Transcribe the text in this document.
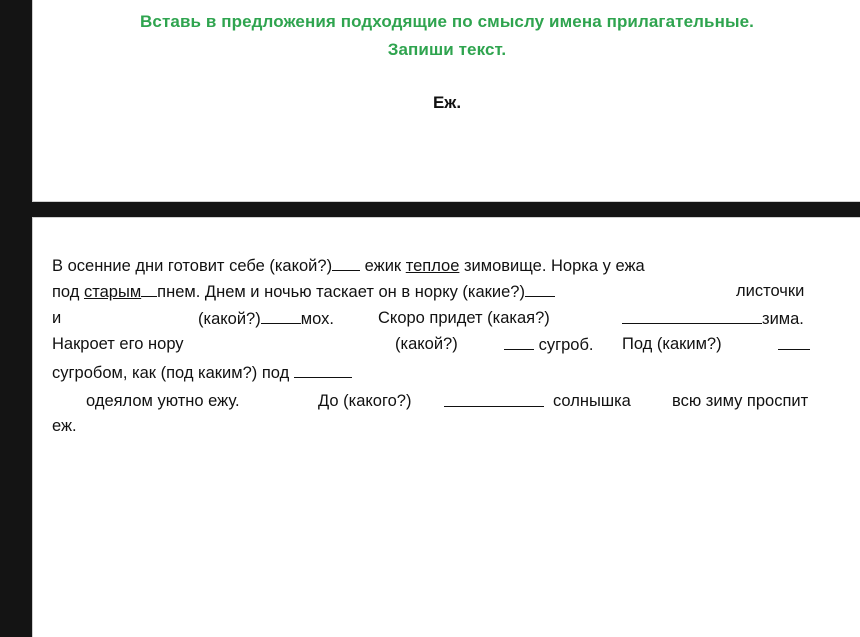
Вставь в предложения подходящие по смыслу имена прилагательные.
Запиши текст.
Еж.
В осенние дни готовит себе (какой?) ежик теплое зимовище. Норка у ежа
под старым пнем. Днем и ночью таскает он в норку (какие?)	листочки
и	(какой?) мох.	Скоро придет (какая?)	зима.
Накроет его нору	(какой?)	сугроб. Под (каким?)
сугробом, как (под каким?) под
одеялом уютно ежу.	До (какого?)	солнышка всю зиму проспит
еж.
